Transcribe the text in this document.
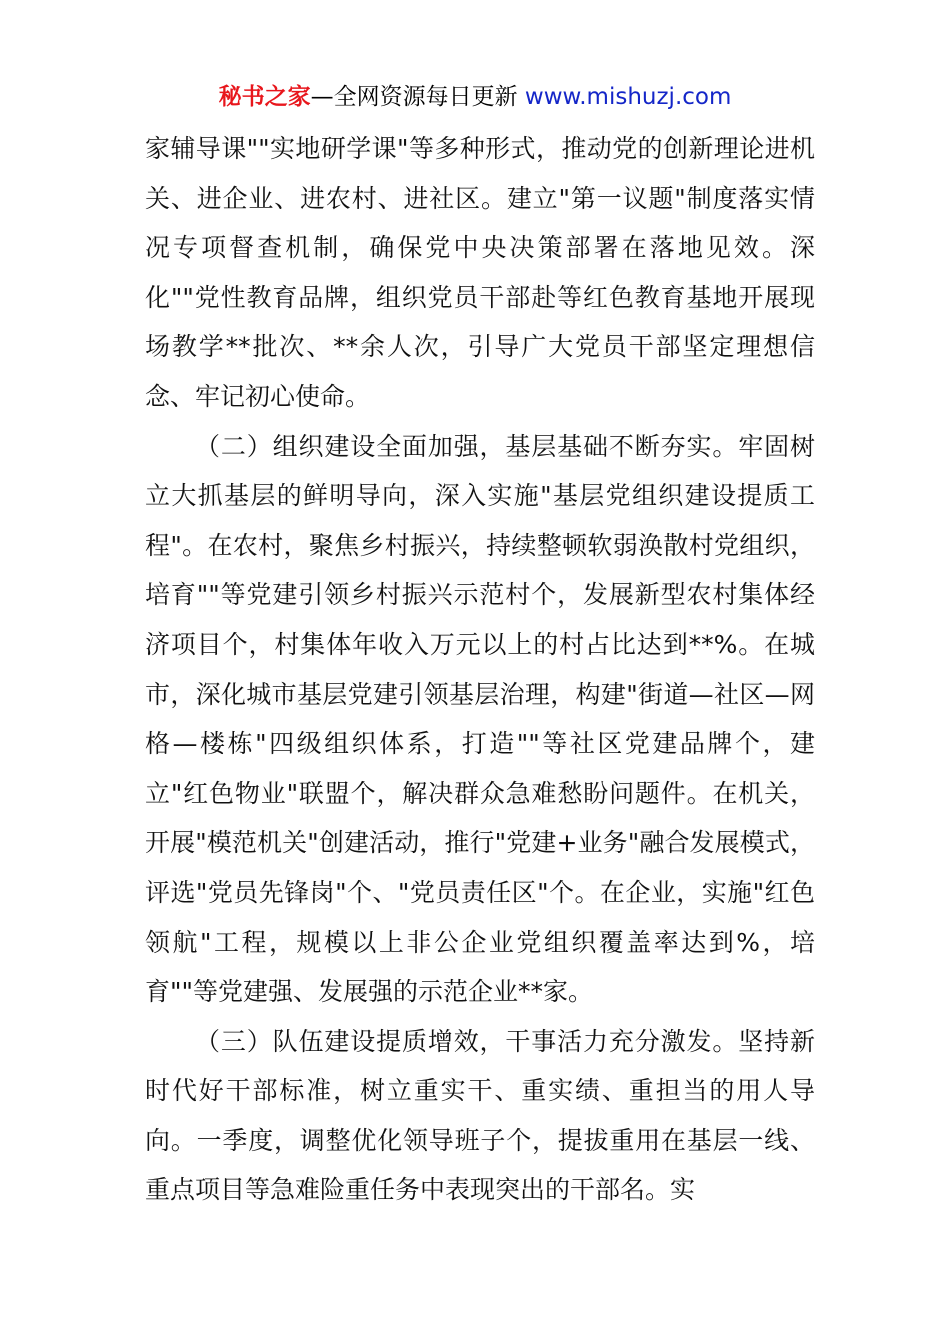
秘书之家—全网资源每日更新 www.mishuzj.com

家辅导课""实地研学课"等多种形式，推动党的创新理论进机关、进企业、进农村、进社区。建立"第一议题"制度落实情况专项督查机制，确保党中央决策部署在落地见效。深化""党性教育品牌，组织党员干部赴等红色教育基地开展现场教学**批次、**余人次，引导广大党员干部坚定理想信念、牢记初心使命。

（二）组织建设全面加强，基层基础不断夯实。牢固树立大抓基层的鲜明导向，深入实施"基层党组织建设提质工程"。在农村，聚焦乡村振兴，持续整顿软弱涣散村党组织，培育""等党建引领乡村振兴示范村个，发展新型农村集体经济项目个，村集体年收入万元以上的村占比达到**%。在城市，深化城市基层党建引领基层治理，构建"街道—社区—网格—楼栋"四级组织体系，打造""等社区党建品牌个，建立"红色物业"联盟个，解决群众急难愁盼问题件。在机关，开展"模范机关"创建活动，推行"党建+业务"融合发展模式，评选"党员先锋岗"个、"党员责任区"个。在企业，实施"红色领航"工程，规模以上非公企业党组织覆盖率达到%，培育""等党建强、发展强的示范企业**家。

（三）队伍建设提质增效，干事活力充分激发。坚持新时代好干部标准，树立重实干、重实绩、重担当的用人导向。一季度，调整优化领导班子个，提拔重用在基层一线、重点项目等急难险重任务中表现突出的干部名。实
